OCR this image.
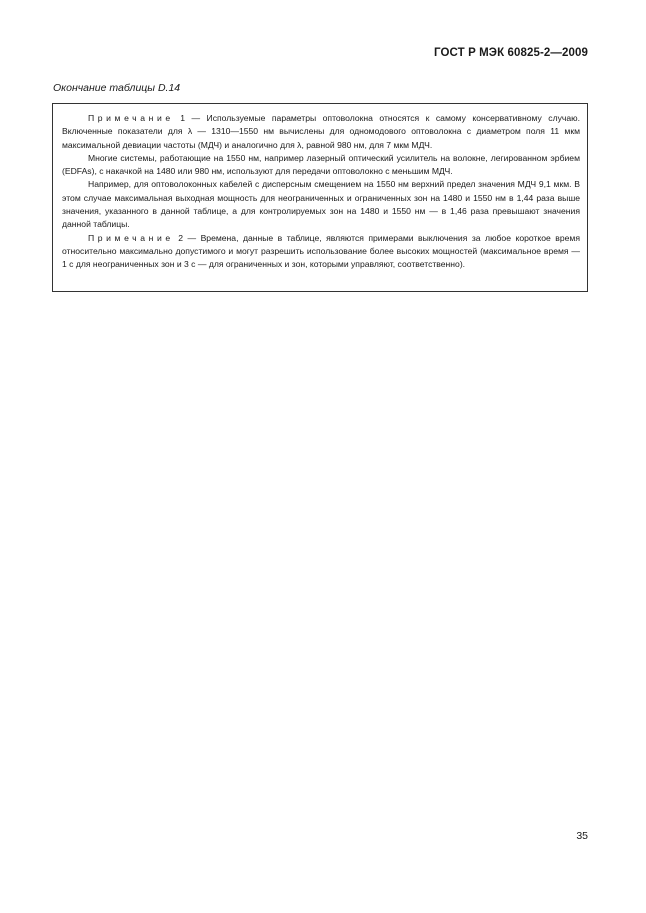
ГОСТ Р МЭК 60825-2—2009
Окончание таблицы D.14

Примечание 1 — Используемые параметры оптоволокна относятся к самому консервативному случаю. Включенные показатели для λ — 1310—1550 нм вычислены для одномодового оптоволокна с диаметром поля 11 мкм максимальной девиации частоты (МДЧ) и аналогично для λ, равной 980 нм, для 7 мкм МДЧ.

Многие системы, работающие на 1550 нм, например лазерный оптический усилитель на волокне, легированном эрбием (EDFAs), с накачкой на 1480 или 980 нм, используют для передачи оптоволокно с меньшим МДЧ.

Например, для оптоволоконных кабелей с дисперсным смещением на 1550 нм верхний предел значения МДЧ 9,1 мкм. В этом случае максимальная выходная мощность для неограниченных и ограниченных зон на 1480 и 1550 нм в 1,44 раза выше значения, указанного в данной таблице, а для контролируемых зон на 1480 и 1550 нм — в 1,46 раза превышают значения данной таблицы.

Примечание 2 — Времена, данные в таблице, являются примерами выключения за любое короткое время относительно максимально допустимого и могут разрешить использование более высоких мощностей (максимальное время — 1 с для неограниченных зон и 3 с — для ограниченных и зон, которыми управляют, соответственно).

35
